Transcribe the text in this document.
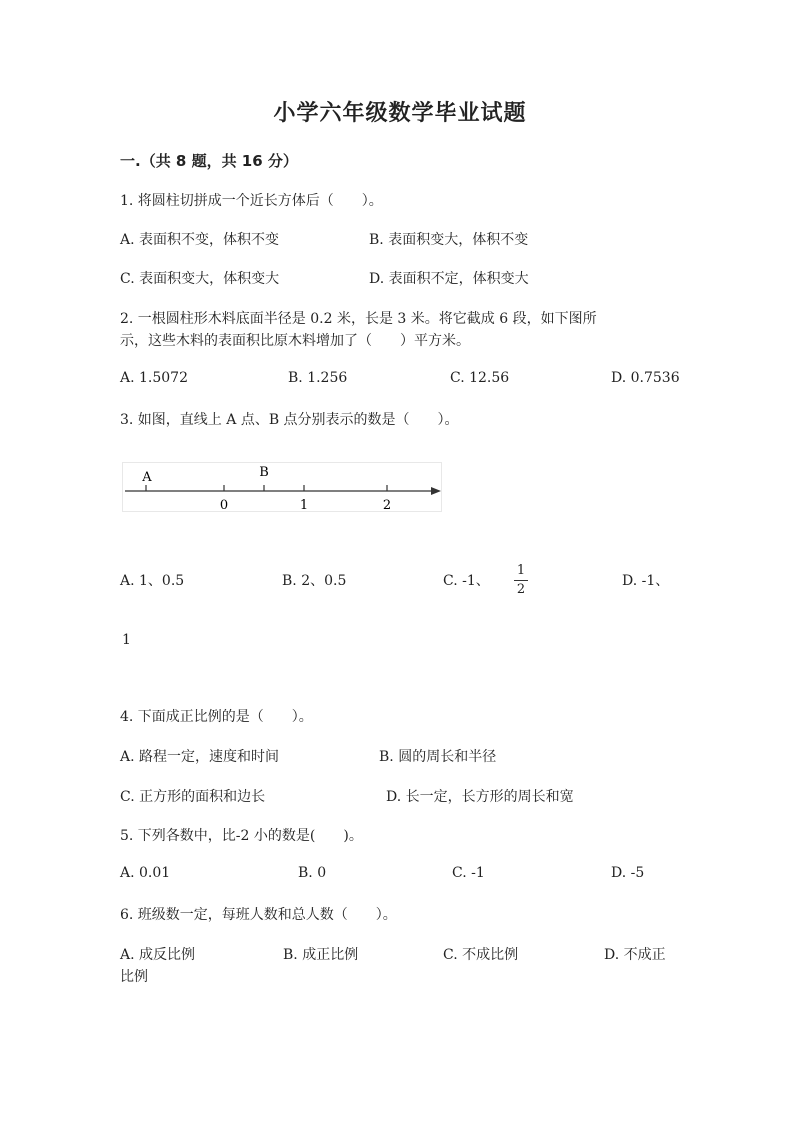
小学六年级数学毕业试题
一.（共 8 题，共 16 分）
1. 将圆柱切拼成一个近长方体后（　　）。
A. 表面积不变，体积不变	B. 表面积变大，体积不变
C. 表面积变大，体积变大	D. 表面积不定，体积变大
2. 一根圆柱形木料底面半径是 0.2 米，长是 3 米。将它截成 6 段，如下图所
示，这些木料的表面积比原木料增加了（　　）平方米。
A. 1.5072	B. 1.256	C. 12.56	D. 0.7536
3. 如图，直线上 A 点、B 点分别表示的数是（　　）。
A	B
0	1	2
A. 1、0.5	B. 2、0.5	C. -1、
1
2
D. -1、
1
4. 下面成正比例的是（　　）。
A. 路程一定，速度和时间	B. 圆的周长和半径
C. 正方形的面积和边长	D. 长一定，长方形的周长和宽
5. 下列各数中，比-2 小的数是(　　)。
A. 0.01	B. 0	C. -1	D. -5
6. 班级数一定，每班人数和总人数（　　）。
A. 成反比例	B. 成正比例	C. 不成比例	D. 不成正
比例
